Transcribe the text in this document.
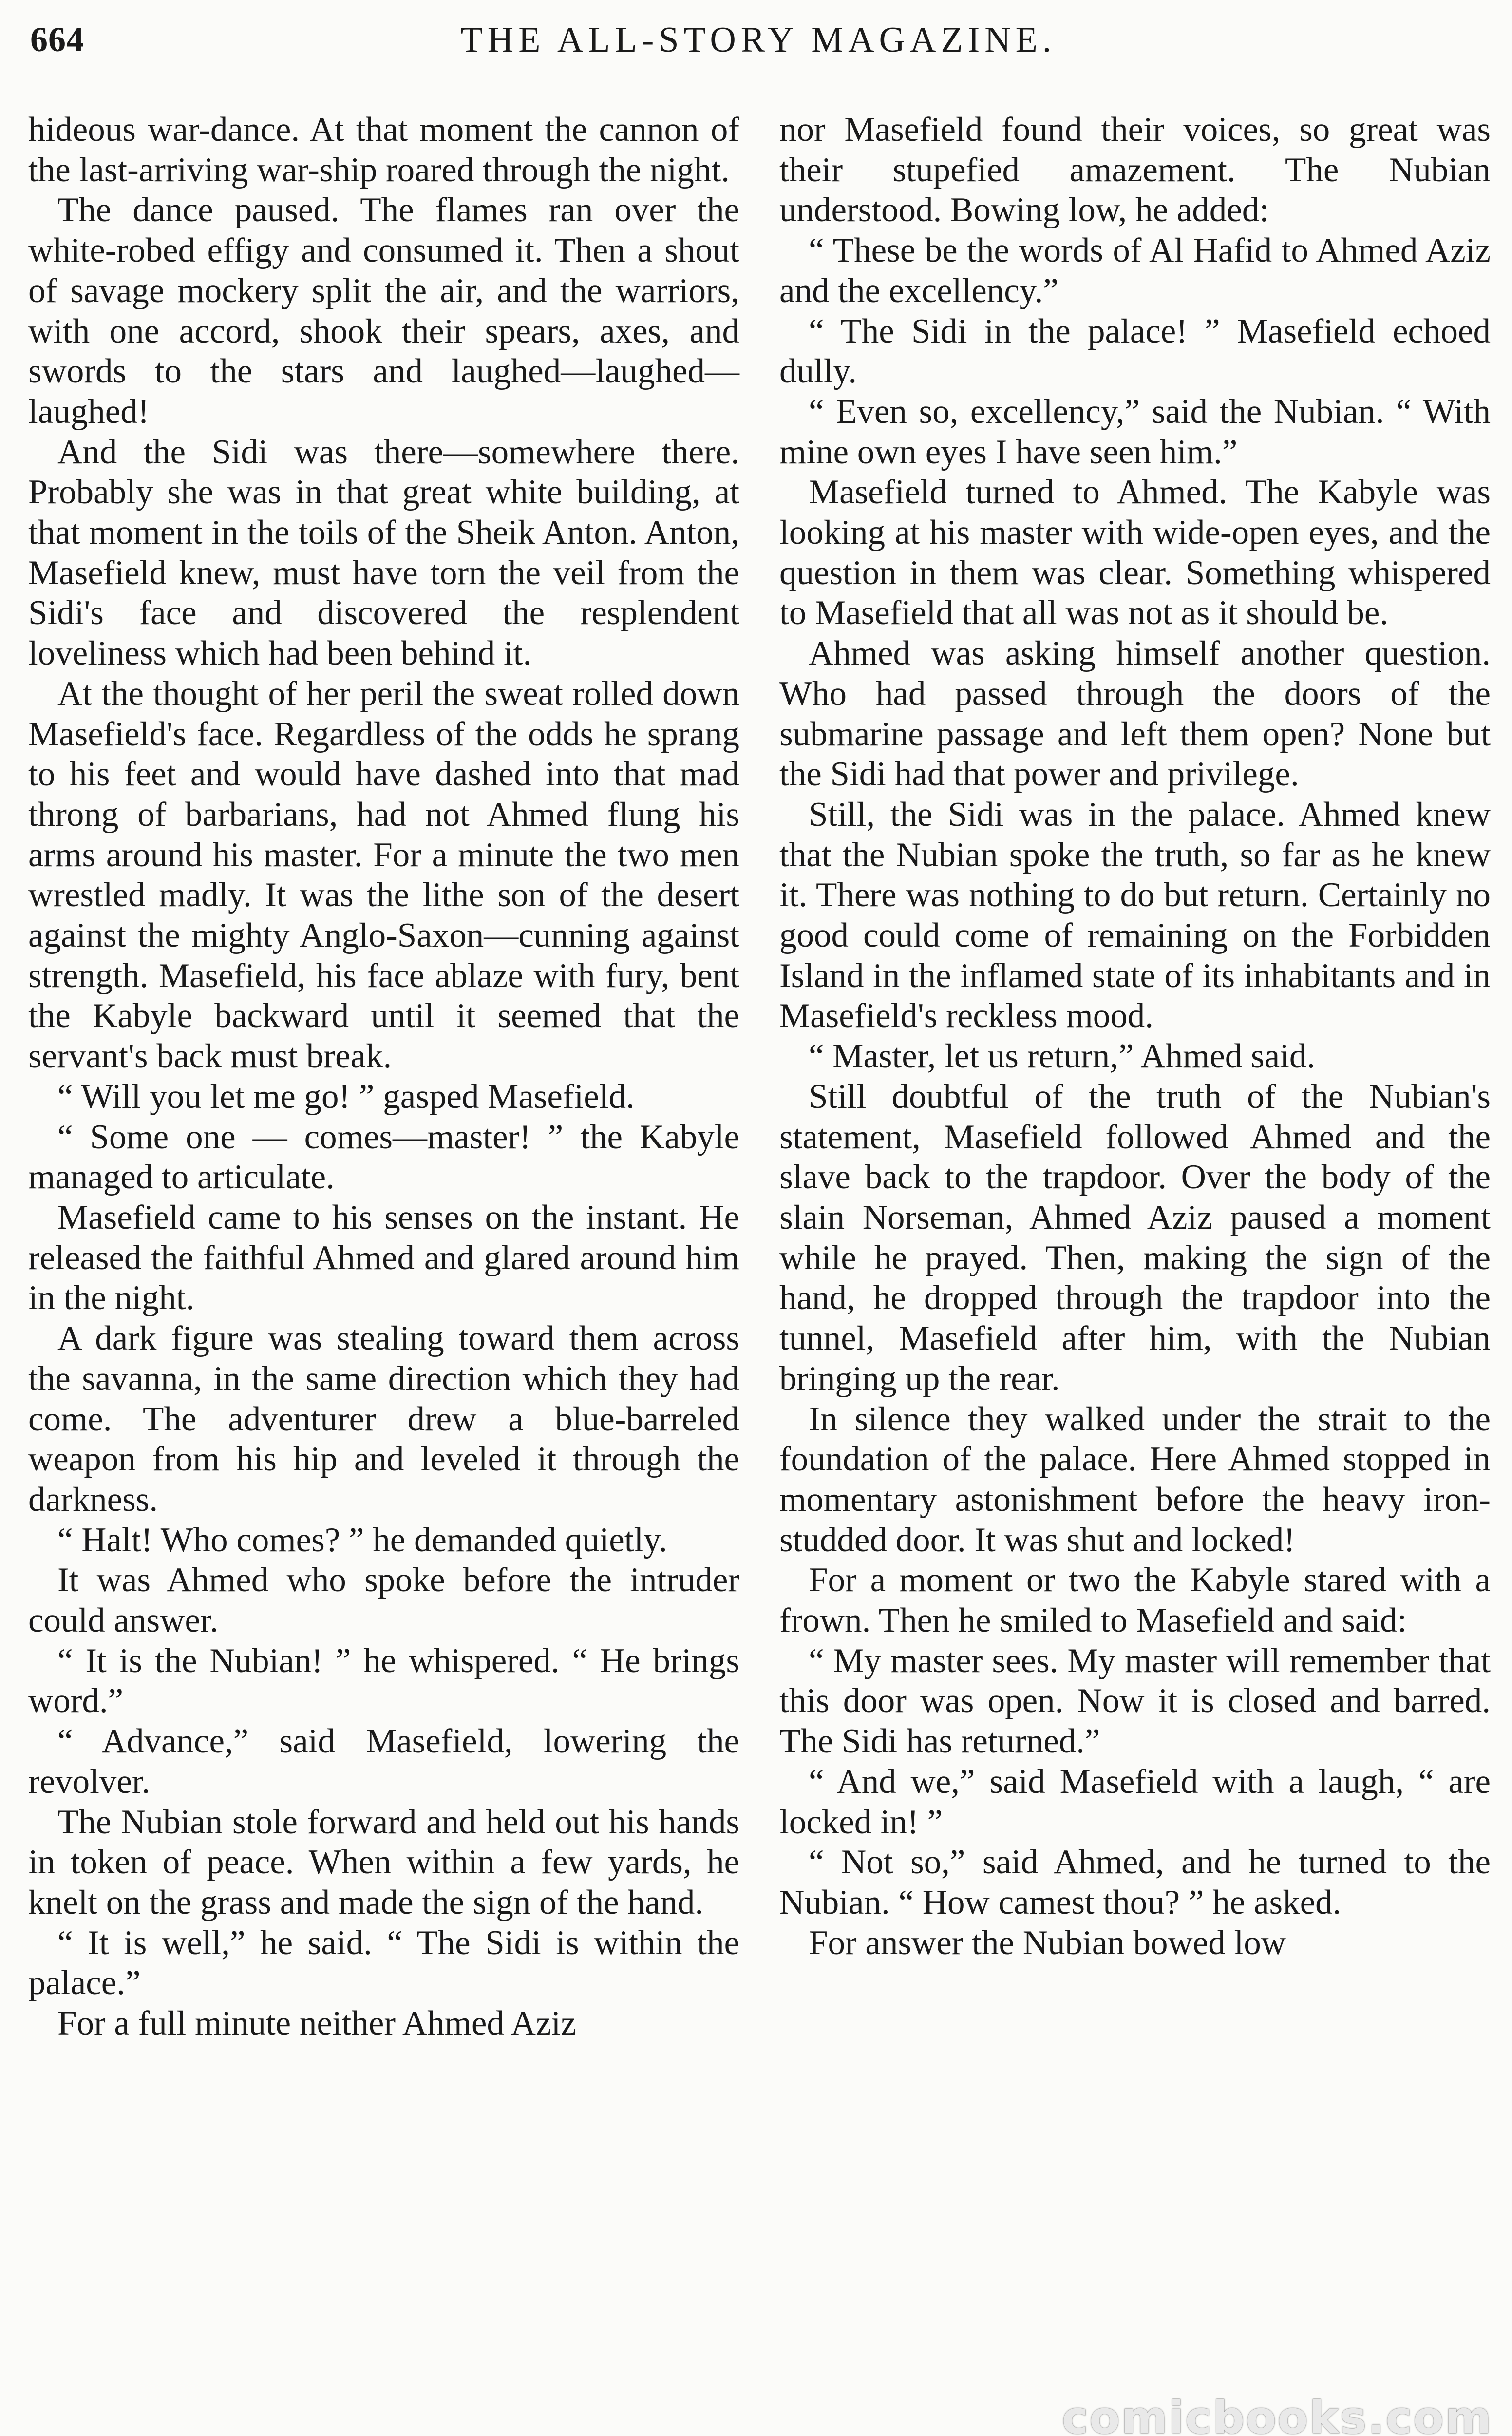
664	THE ALL-STORY MAGAZINE.

hideous war-dance. At that moment the cannon of the last-arriving war-ship roared through the night.

The dance paused. The flames ran over the white-robed effigy and consumed it. Then a shout of savage mockery split the air, and the warriors, with one accord, shook their spears, axes, and swords to the stars and laughed—laughed—laughed!

And the Sidi was there—somewhere there. Probably she was in that great white building, at that moment in the toils of the Sheik Anton. Anton, Masefield knew, must have torn the veil from the Sidi's face and discovered the resplendent loveliness which had been behind it.

At the thought of her peril the sweat rolled down Masefield's face. Regardless of the odds he sprang to his feet and would have dashed into that mad throng of barbarians, had not Ahmed flung his arms around his master. For a minute the two men wrestled madly. It was the lithe son of the desert against the mighty Anglo-Saxon—cunning against strength. Masefield, his face ablaze with fury, bent the Kabyle backward until it seemed that the servant's back must break.

“ Will you let me go! ” gasped Masefield.

“ Some one — comes—master! ” the Kabyle managed to articulate.

Masefield came to his senses on the instant. He released the faithful Ahmed and glared around him in the night.

A dark figure was stealing toward them across the savanna, in the same direction which they had come. The adventurer drew a blue-barreled weapon from his hip and leveled it through the darkness.

“ Halt! Who comes? ” he demanded quietly.

It was Ahmed who spoke before the intruder could answer.

“ It is the Nubian! ” he whispered. “ He brings word.”

“ Advance,” said Masefield, lowering the revolver.

The Nubian stole forward and held out his hands in token of peace. When within a few yards, he knelt on the grass and made the sign of the hand.

“ It is well,” he said. “ The Sidi is within the palace.”

For a full minute neither Ahmed Aziz

nor Masefield found their voices, so great was their stupefied amazement. The Nubian understood. Bowing low, he added:

“ These be the words of Al Hafid to Ahmed Aziz and the excellency.”

“ The Sidi in the palace! ” Masefield echoed dully.

“ Even so, excellency,” said the Nubian. “ With mine own eyes I have seen him.”

Masefield turned to Ahmed. The Kabyle was looking at his master with wide-open eyes, and the question in them was clear. Something whispered to Masefield that all was not as it should be.

Ahmed was asking himself another question. Who had passed through the doors of the submarine passage and left them open? None but the Sidi had that power and privilege.

Still, the Sidi was in the palace. Ahmed knew that the Nubian spoke the truth, so far as he knew it. There was nothing to do but return. Certainly no good could come of remaining on the Forbidden Island in the inflamed state of its inhabitants and in Masefield's reckless mood.

“ Master, let us return,” Ahmed said.

Still doubtful of the truth of the Nubian's statement, Masefield followed Ahmed and the slave back to the trapdoor. Over the body of the slain Norseman, Ahmed Aziz paused a moment while he prayed. Then, making the sign of the hand, he dropped through the trapdoor into the tunnel, Masefield after him, with the Nubian bringing up the rear.

In silence they walked under the strait to the foundation of the palace. Here Ahmed stopped in momentary astonishment before the heavy iron-studded door. It was shut and locked!

For a moment or two the Kabyle stared with a frown. Then he smiled to Masefield and said:

“ My master sees. My master will remember that this door was open. Now it is closed and barred. The Sidi has returned.”

“ And we,” said Masefield with a laugh, “ are locked in! ”

“ Not so,” said Ahmed, and he turned to the Nubian. “ How camest thou? ” he asked.

For answer the Nubian bowed low

comicbooks.com
